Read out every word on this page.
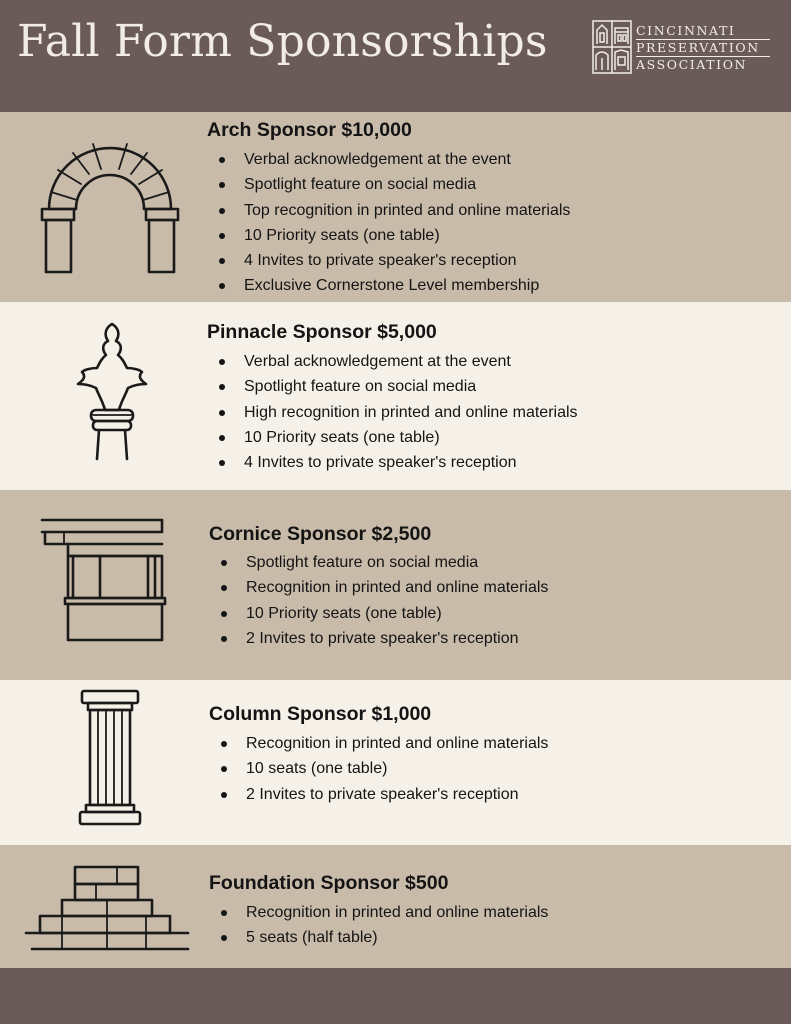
Fall Form Sponsorships	CINCINNATI
PRESERVATION
ASSOCIATION
Arch Sponsor $10,000
Verbal acknowledgement at the event
Spotlight feature on social media
Top recognition in printed and online materials
10 Priority seats (one table)
4 Invites to private speaker's reception
Exclusive Cornerstone Level membership
Pinnacle Sponsor $5,000
Verbal acknowledgement at the event
Spotlight feature on social media
High recognition in printed and online materials
10 Priority seats (one table)
4 Invites to private speaker's reception
Cornice Sponsor $2,500
Spotlight feature on social media
Recognition in printed and online materials
10 Priority seats (one table)
2 Invites to private speaker's reception
Column Sponsor $1,000
Recognition in printed and online materials
10 seats (one table)
2 Invites to private speaker's reception
Foundation Sponsor $500
Recognition in printed and online materials
5 seats (half table)
